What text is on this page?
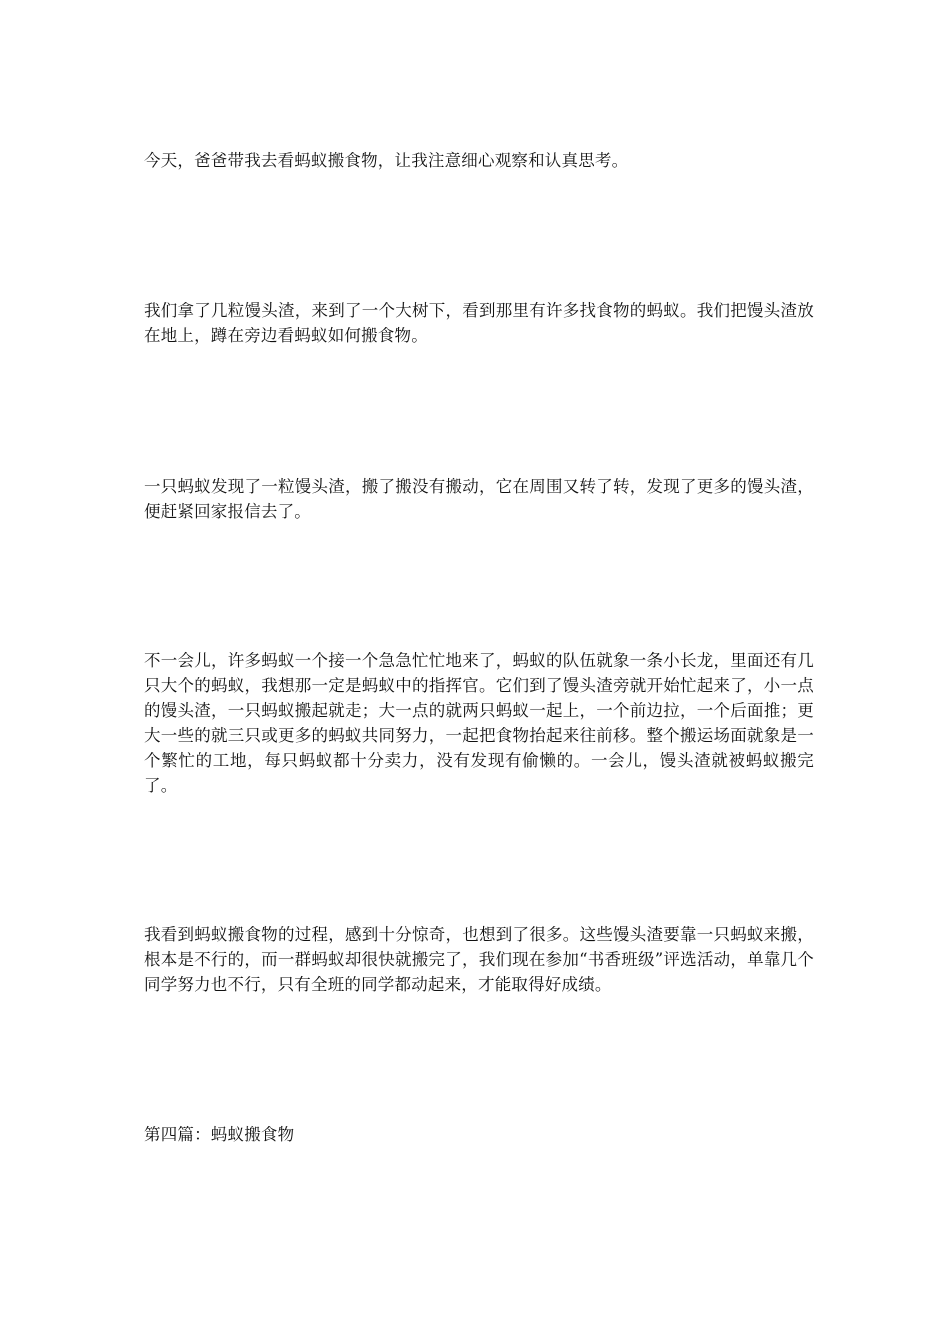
今天，爸爸带我去看蚂蚁搬食物，让我注意细心观察和认真思考。

我们拿了几粒馒头渣，来到了一个大树下，看到那里有许多找食物的蚂蚁。我们把馒头渣放在地上，蹲在旁边看蚂蚁如何搬食物。

一只蚂蚁发现了一粒馒头渣，搬了搬没有搬动，它在周围又转了转，发现了更多的馒头渣，便赶紧回家报信去了。

不一会儿，许多蚂蚁一个接一个急急忙忙地来了，蚂蚁的队伍就象一条小长龙，里面还有几只大个的蚂蚁，我想那一定是蚂蚁中的指挥官。它们到了馒头渣旁就开始忙起来了，小一点的馒头渣，一只蚂蚁搬起就走；大一点的就两只蚂蚁一起上，一个前边拉，一个后面推；更大一些的就三只或更多的蚂蚁共同努力，一起把食物抬起来往前移。整个搬运场面就象是一个繁忙的工地，每只蚂蚁都十分卖力，没有发现有偷懒的。一会儿，馒头渣就被蚂蚁搬完了。

我看到蚂蚁搬食物的过程，感到十分惊奇，也想到了很多。这些馒头渣要靠一只蚂蚁来搬，根本是不行的，而一群蚂蚁却很快就搬完了，我们现在参加“书香班级”评选活动，单靠几个同学努力也不行，只有全班的同学都动起来，才能取得好成绩。

第四篇：蚂蚁搬食物
